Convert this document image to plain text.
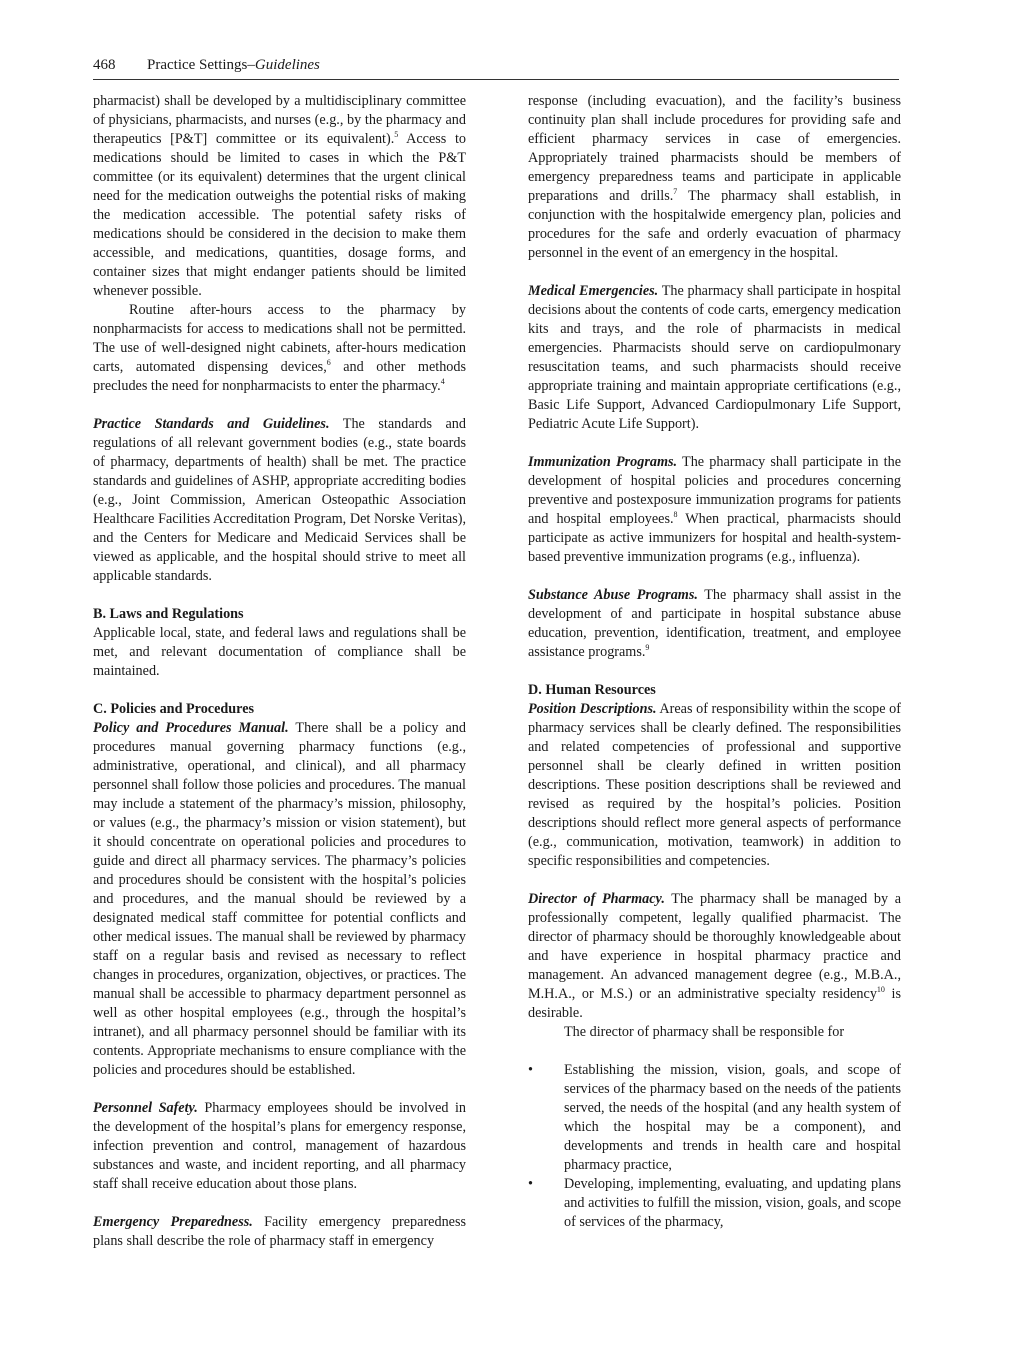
468 Practice Settings–Guidelines

pharmacist) shall be developed by a multidisciplinary committee of physicians, pharmacists, and nurses (e.g., by the pharmacy and therapeutics [P&T] committee or its equivalent).$^5$ Access to medications should be limited to cases in which the P&T committee (or its equivalent) determines that the urgent clinical need for the medication outweighs the potential risks of making the medication accessible. The potential safety risks of medications should be considered in the decision to make them accessible, and medications, quantities, dosage forms, and container sizes that might endanger patients should be limited whenever possible.

Routine after-hours access to the pharmacy by nonpharmacists for access to medications shall not be permitted. The use of well-designed night cabinets, after-hours medication carts, automated dispensing devices,$^6$ and other methods precludes the need for nonpharmacists to enter the pharmacy.$^4$

Practice Standards and Guidelines. The standards and regulations of all relevant government bodies (e.g., state boards of pharmacy, departments of health) shall be met. The practice standards and guidelines of ASHP, appropriate accrediting bodies (e.g., Joint Commission, American Osteopathic Association Healthcare Facilities Accreditation Program, Det Norske Veritas), and the Centers for Medicare and Medicaid Services shall be viewed as applicable, and the hospital should strive to meet all applicable standards.

B. Laws and Regulations

Applicable local, state, and federal laws and regulations shall be met, and relevant documentation of compliance shall be maintained.

C. Policies and Procedures

Policy and Procedures Manual. There shall be a policy and procedures manual governing pharmacy functions (e.g., administrative, operational, and clinical), and all pharmacy personnel shall follow those policies and procedures. The manual may include a statement of the pharmacy’s mission, philosophy, or values (e.g., the pharmacy’s mission or vision statement), but it should concentrate on operational policies and procedures to guide and direct all pharmacy services. The pharmacy’s policies and procedures should be consistent with the hospital’s policies and procedures, and the manual should be reviewed by a designated medical staff committee for potential conflicts and other medical issues. The manual shall be reviewed by pharmacy staff on a regular basis and revised as necessary to reflect changes in procedures, organization, objectives, or practices. The manual shall be accessible to pharmacy department personnel as well as other hospital employees (e.g., through the hospital’s intranet), and all pharmacy personnel should be familiar with its contents. Appropriate mechanisms to ensure compliance with the policies and procedures should be established.

Personnel Safety. Pharmacy employees should be involved in the development of the hospital’s plans for emergency response, infection prevention and control, management of hazardous substances and waste, and incident reporting, and all pharmacy staff shall receive education about those plans.

Emergency Preparedness. Facility emergency preparedness plans shall describe the role of pharmacy staff in emergency

response (including evacuation), and the facility’s business continuity plan shall include procedures for providing safe and efficient pharmacy services in case of emergencies. Appropriately trained pharmacists should be members of emergency preparedness teams and participate in applicable preparations and drills.$^7$ The pharmacy shall establish, in conjunction with the hospitalwide emergency plan, policies and procedures for the safe and orderly evacuation of pharmacy personnel in the event of an emergency in the hospital.

Medical Emergencies. The pharmacy shall participate in hospital decisions about the contents of code carts, emergency medication kits and trays, and the role of pharmacists in medical emergencies. Pharmacists should serve on cardiopulmonary resuscitation teams, and such pharmacists should receive appropriate training and maintain appropriate certifications (e.g., Basic Life Support, Advanced Cardiopulmonary Life Support, Pediatric Acute Life Support).

Immunization Programs. The pharmacy shall participate in the development of hospital policies and procedures concerning preventive and postexposure immunization programs for patients and hospital employees.$^8$ When practical, pharmacists should participate as active immunizers for hospital and health-system-based preventive immunization programs (e.g., influenza).

Substance Abuse Programs. The pharmacy shall assist in the development of and participate in hospital substance abuse education, prevention, identification, treatment, and employee assistance programs.$^9$

D. Human Resources

Position Descriptions. Areas of responsibility within the scope of pharmacy services shall be clearly defined. The responsibilities and related competencies of professional and supportive personnel shall be clearly defined in written position descriptions. These position descriptions shall be reviewed and revised as required by the hospital’s policies. Position descriptions should reflect more general aspects of performance (e.g., communication, motivation, teamwork) in addition to specific responsibilities and competencies.

Director of Pharmacy. The pharmacy shall be managed by a professionally competent, legally qualified pharmacist. The director of pharmacy should be thoroughly knowledgeable about and have experience in hospital pharmacy practice and management. An advanced management degree (e.g., M.B.A., M.H.A., or M.S.) or an administrative specialty residency$^{10}$ is desirable.

The director of pharmacy shall be responsible for

• Establishing the mission, vision, goals, and scope of services of the pharmacy based on the needs of the patients served, the needs of the hospital (and any health system of which the hospital may be a component), and developments and trends in health care and hospital pharmacy practice,
• Developing, implementing, evaluating, and updating plans and activities to fulfill the mission, vision, goals, and scope of services of the pharmacy,
